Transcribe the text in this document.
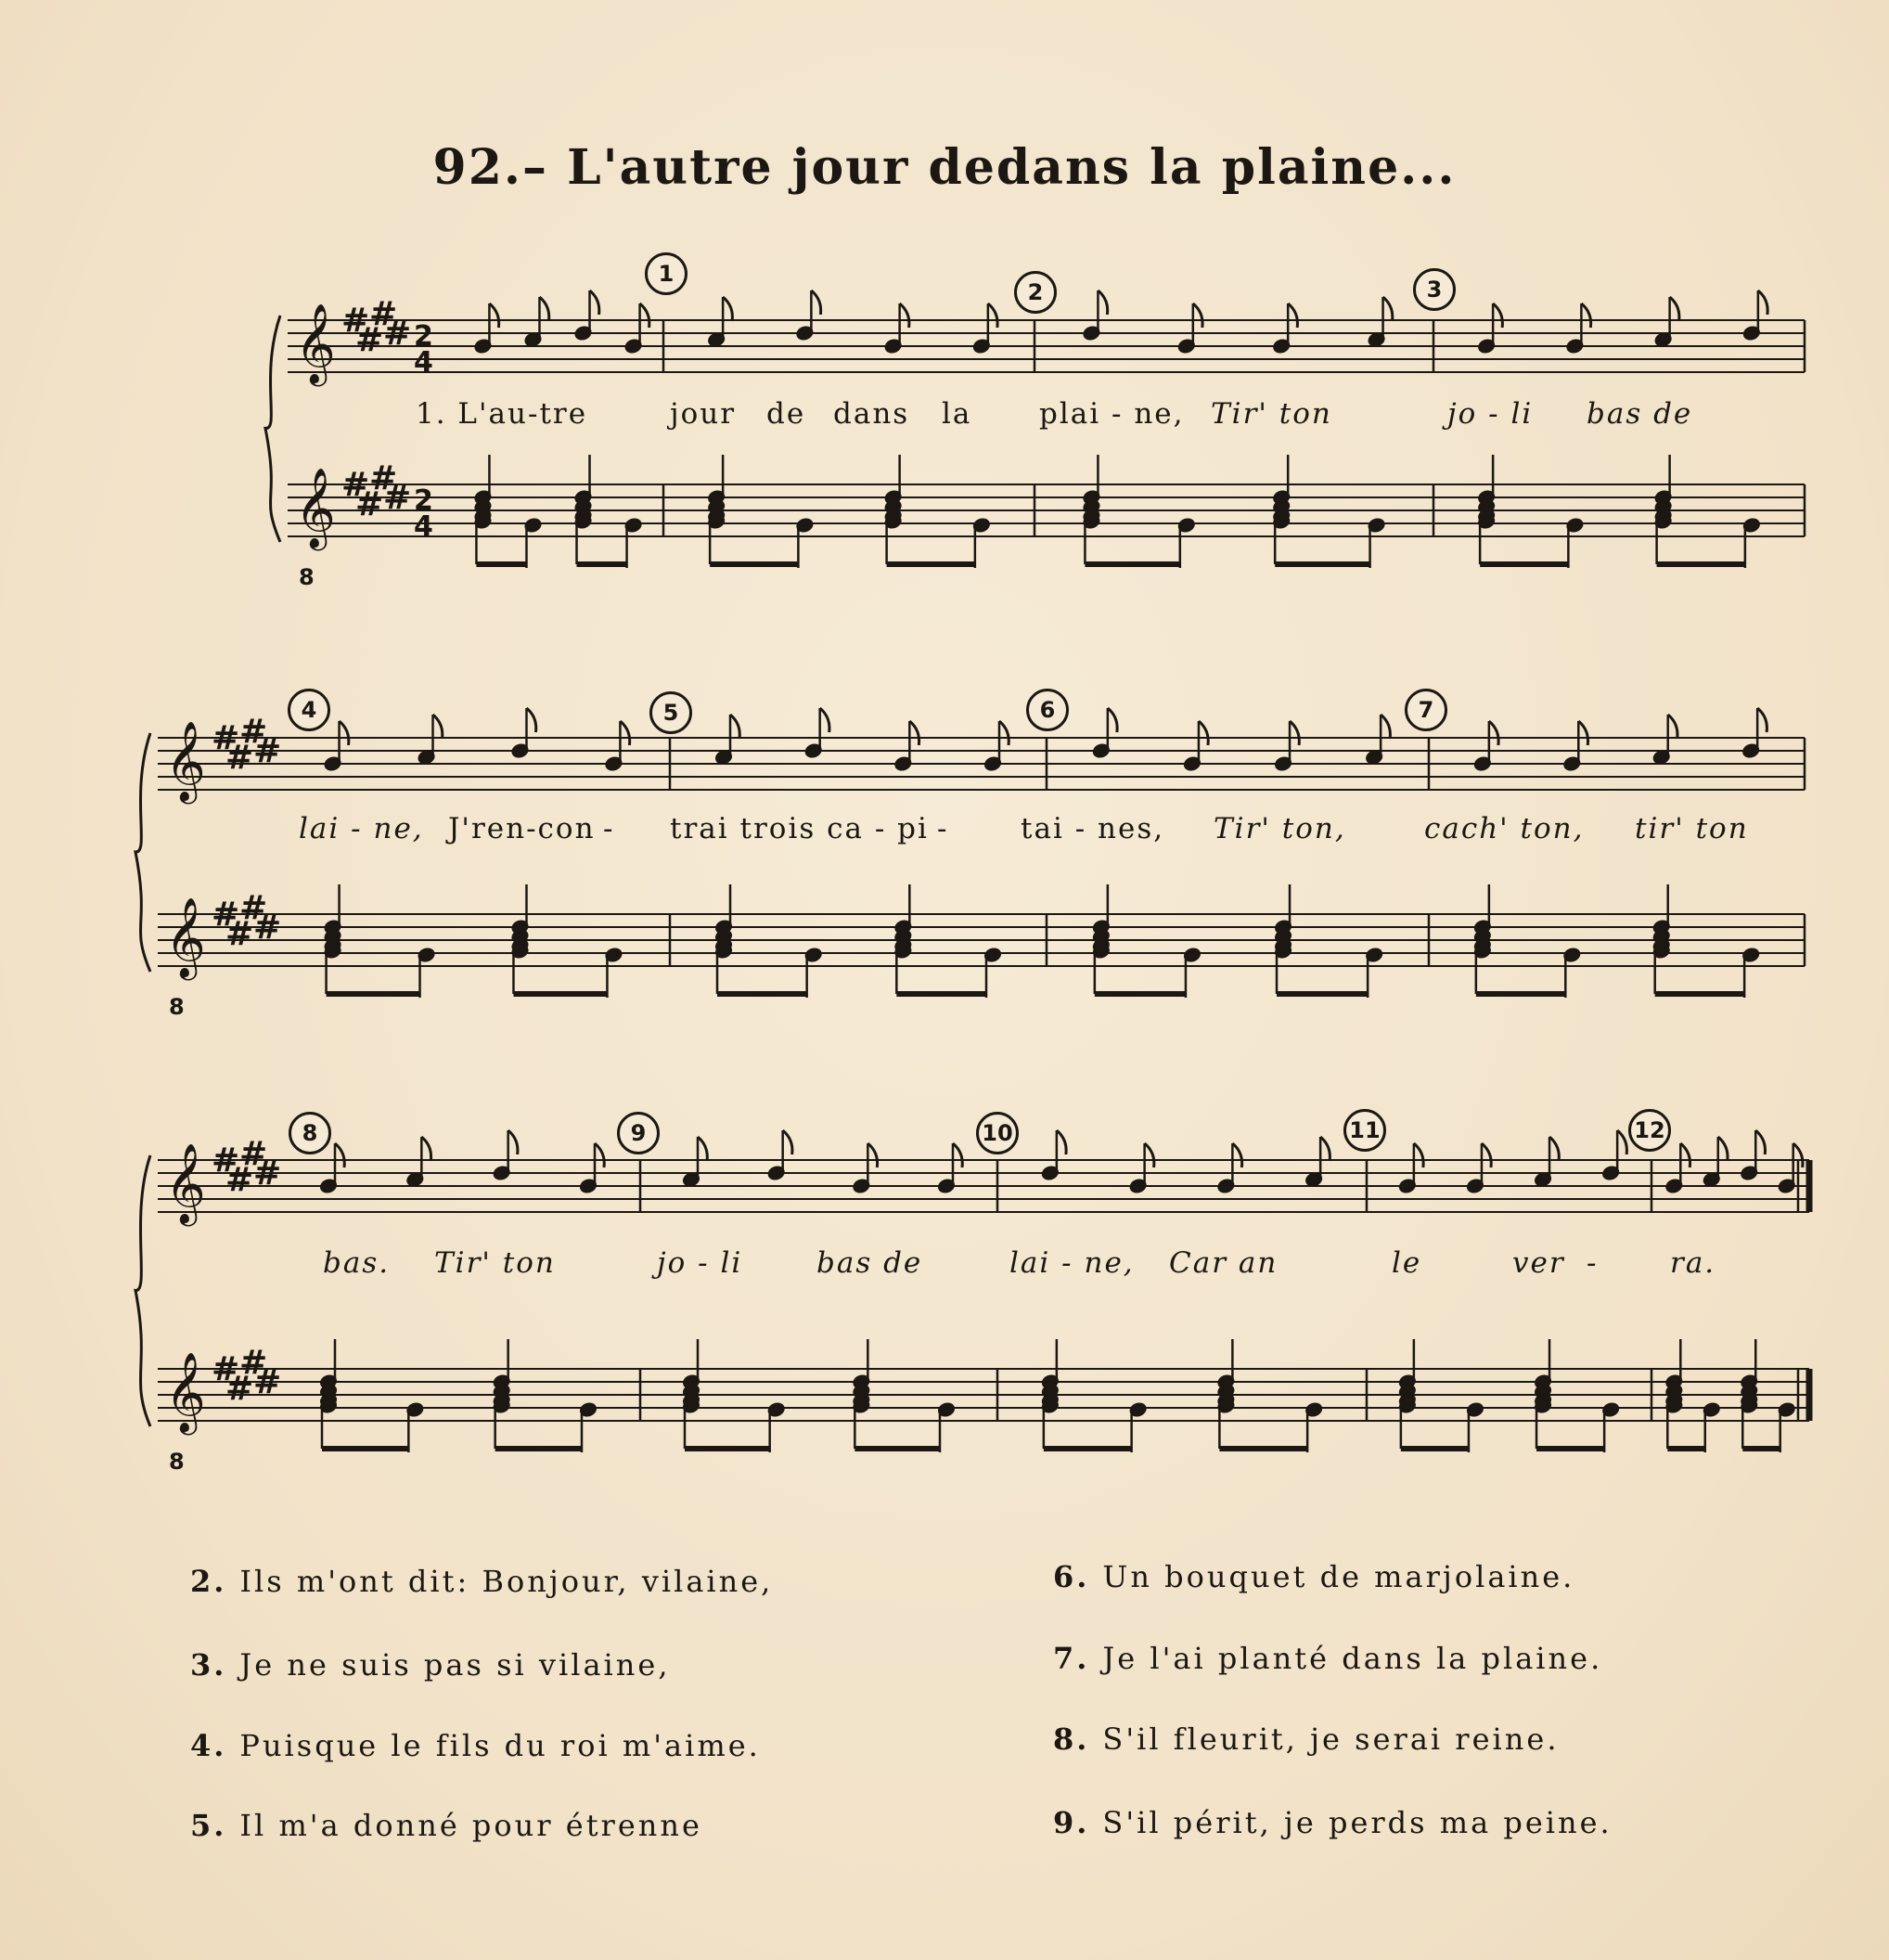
92.– L'autre jour dedans la plaine...
𝄞 #
#
#
# 2
4
𝄞
8
#
#
#
# 2
4
𝄞 #
#
#
#
𝄞
8
#
#
#
#
𝄞 #
#
#
#
𝄞
8
#
#
#
#
1. L'au-tre	jour de dans la plai - ne, Tir' ton	jo - li bas de
lai - ne, J'ren-con - trai trois ca - pi -	tai - nes, Tir' ton,	cach' ton, tir' ton
bas. Tir' ton	jo - li	bas de	lai - ne, Car an	le	ver -	ra.
1
2	3
4	5	6	7
8	9	10	11	12
2. Ils m'ont dit: Bonjour, vilaine,
3. Je ne suis pas si vilaine,
4. Puisque le fils du roi m'aime.
5. Il m'a donné pour étrenne
6. Un bouquet de marjolaine.
7. Je l'ai planté dans la plaine.
8. S'il fleurit, je serai reine.
9. S'il périt, je perds ma peine.
